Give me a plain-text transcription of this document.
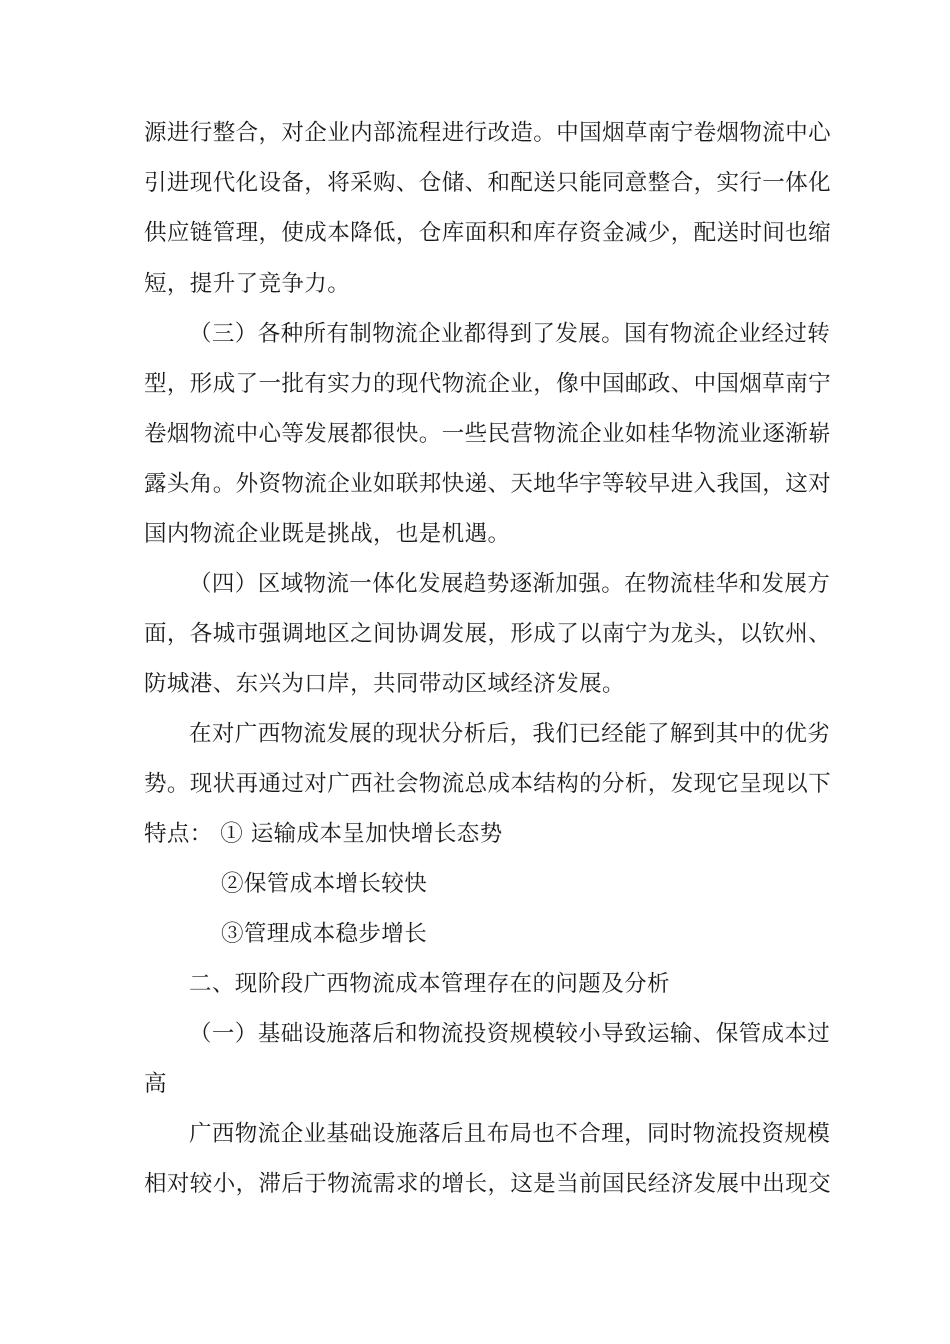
源进行整合，对企业内部流程进行改造。中国烟草南宁卷烟物流中心
引进现代化设备，将采购、仓储、和配送只能同意整合，实行一体化
供应链管理，使成本降低，仓库面积和库存资金减少，配送时间也缩
短，提升了竞争力。
（三）各种所有制物流企业都得到了发展。国有物流企业经过转
型，形成了一批有实力的现代物流企业，像中国邮政、中国烟草南宁
卷烟物流中心等发展都很快。一些民营物流企业如桂华物流业逐渐崭
露头角。外资物流企业如联邦快递、天地华宇等较早进入我国，这对
国内物流企业既是挑战，也是机遇。
（四）区域物流一体化发展趋势逐渐加强。在物流桂华和发展方
面，各城市强调地区之间协调发展，形成了以南宁为龙头，以钦州、
防城港、东兴为口岸，共同带动区域经济发展。
在对广西物流发展的现状分析后，我们已经能了解到其中的优劣
势。现状再通过对广西社会物流总成本结构的分析，发现它呈现以下
特点： ① 运输成本呈加快增长态势
②保管成本增长较快
③管理成本稳步增长
二、现阶段广西物流成本管理存在的问题及分析
（一）基础设施落后和物流投资规模较小导致运输、保管成本过
高
广西物流企业基础设施落后且布局也不合理，同时物流投资规模
相对较小，滞后于物流需求的增长，这是当前国民经济发展中出现交
